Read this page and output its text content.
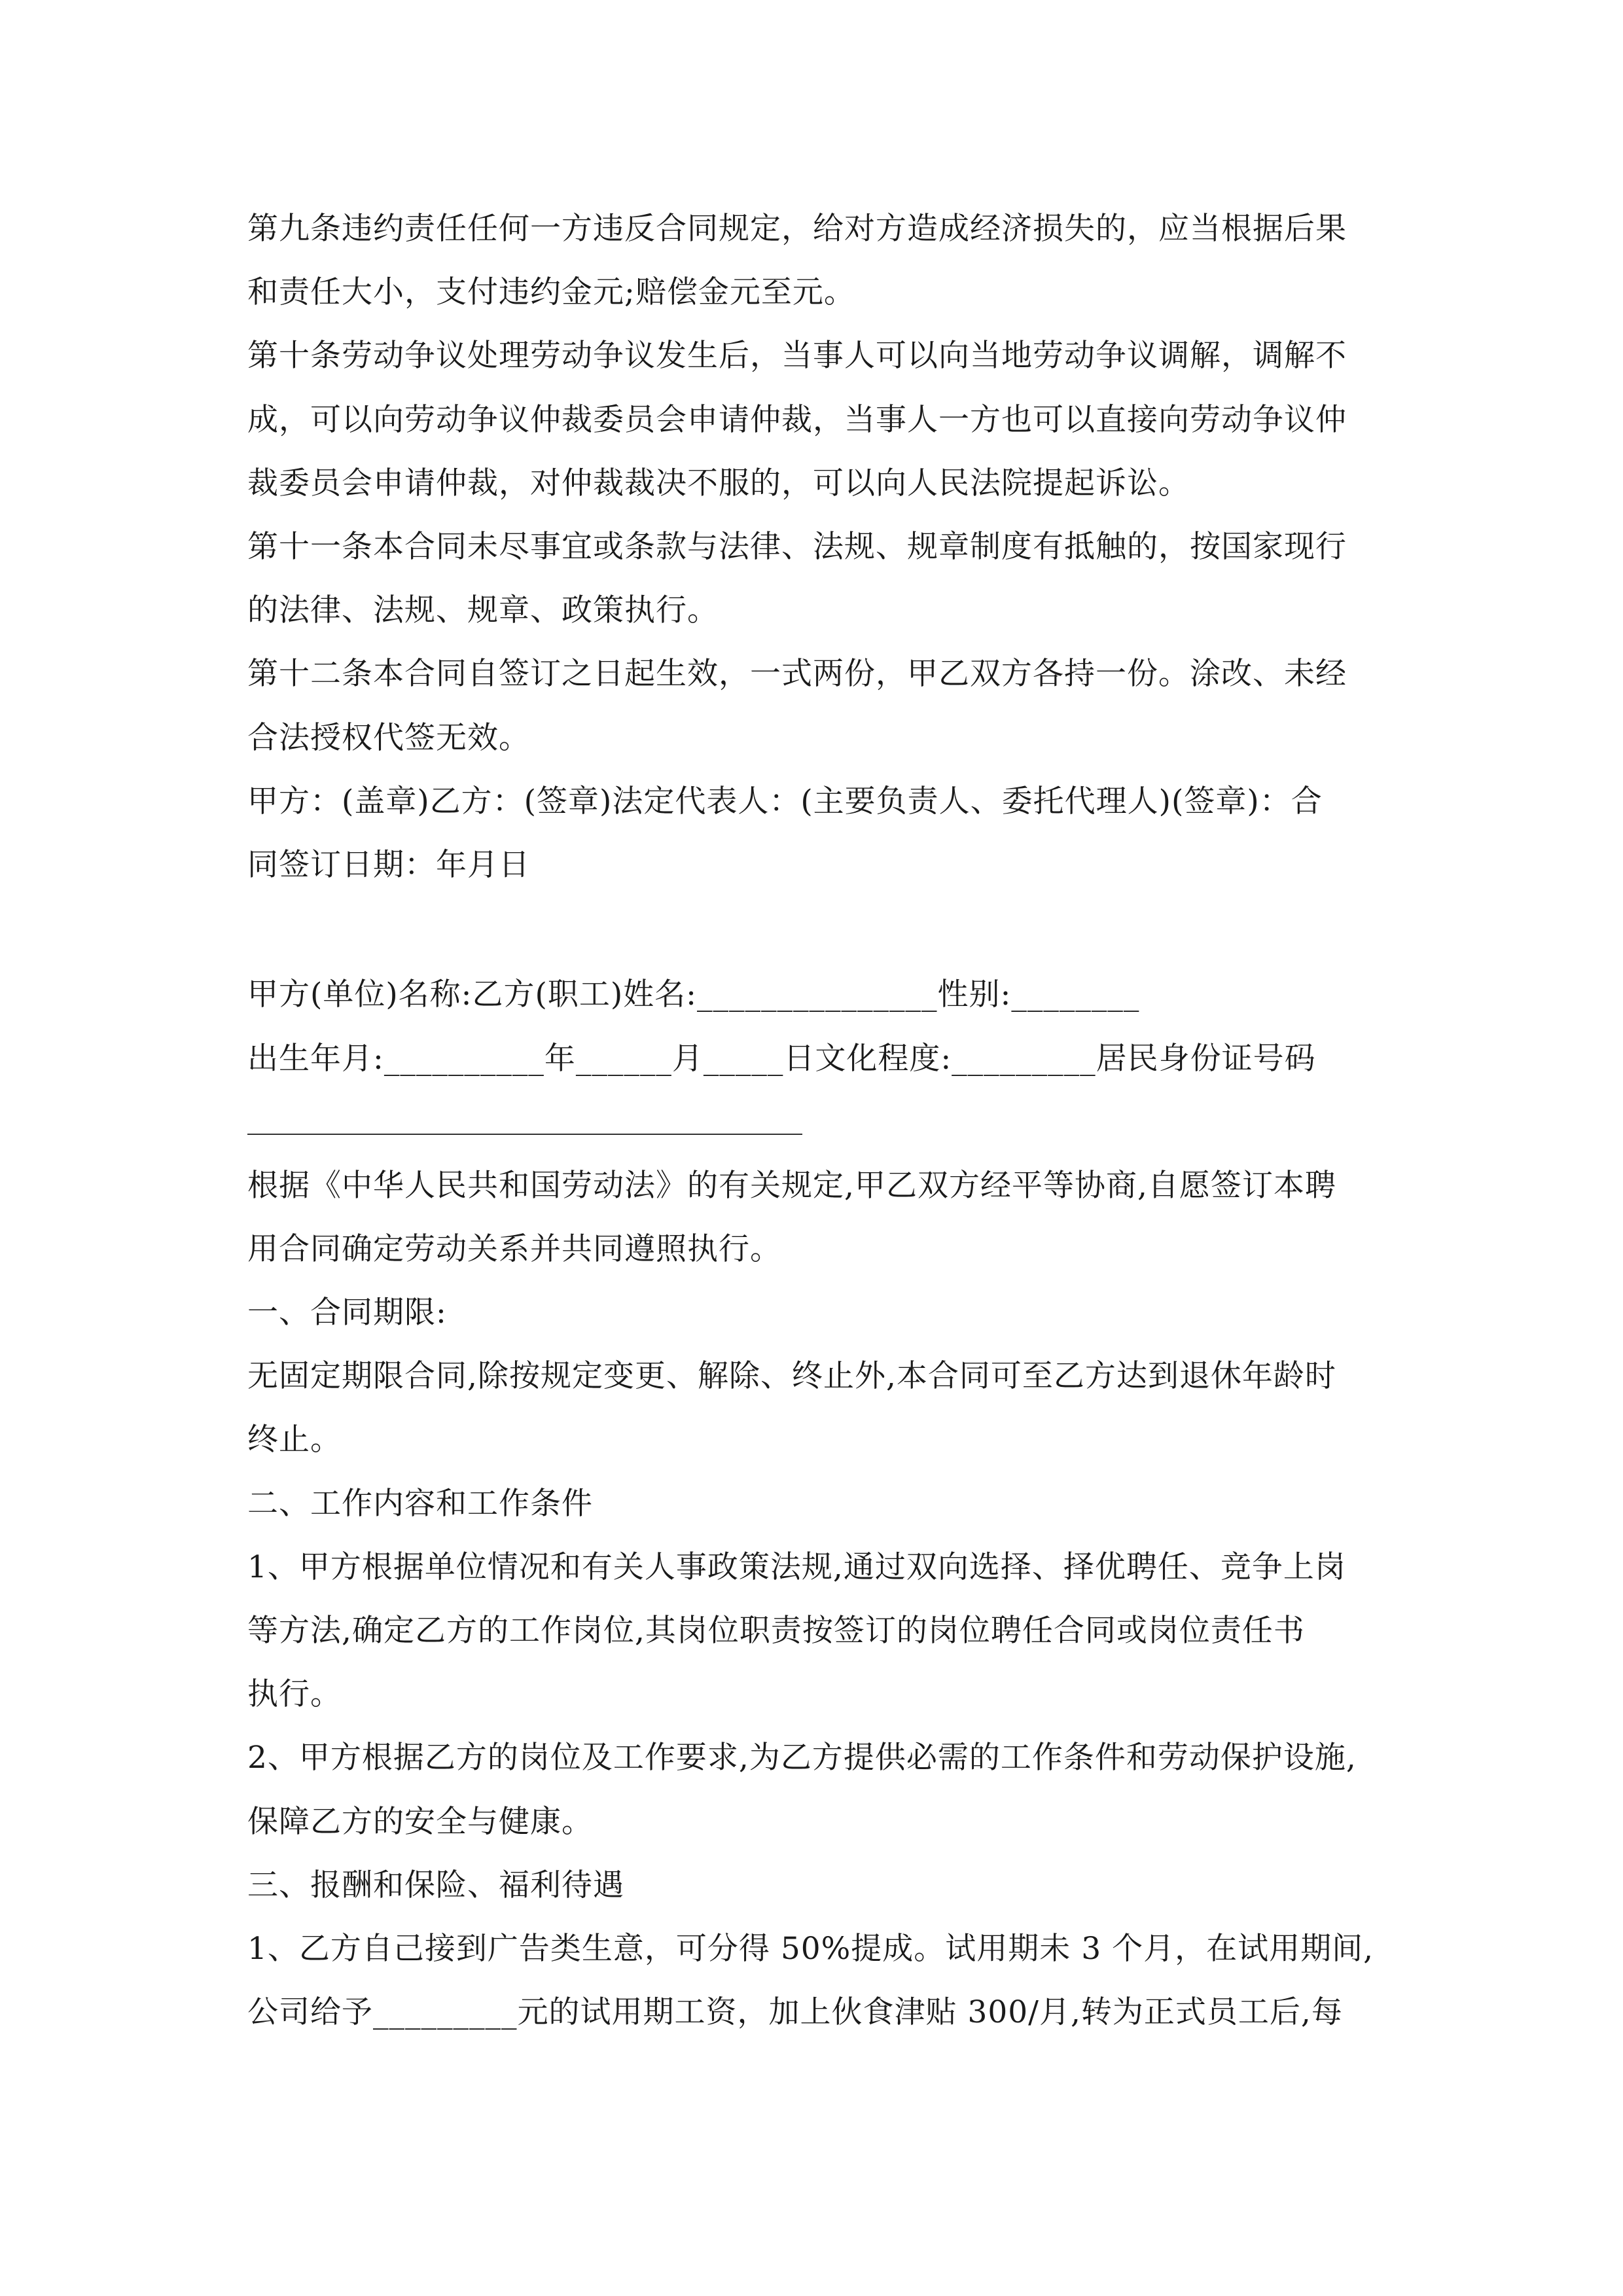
第九条违约责任任何一方违反合同规定，给对方造成经济损失的，应当根据后果
和责任大小，支付违约金元;赔偿金元至元。
第十条劳动争议处理劳动争议发生后，当事人可以向当地劳动争议调解，调解不
成，可以向劳动争议仲裁委员会申请仲裁，当事人一方也可以直接向劳动争议仲
裁委员会申请仲裁，对仲裁裁决不服的，可以向人民法院提起诉讼。
第十一条本合同未尽事宜或条款与法律、法规、规章制度有抵触的，按国家现行
的法律、法规、规章、政策执行。
第十二条本合同自签订之日起生效，一式两份，甲乙双方各持一份。涂改、未经
合法授权代签无效。
甲方：(盖章)乙方：(签章)法定代表人：(主要负责人、委托代理人)(签章)：合
同签订日期：年月日
甲方(单位)名称:乙方(职工)姓名:_______________性别:________
出生年月:__________年______月_____日文化程度:_________居民身份证号码
根据《中华人民共和国劳动法》的有关规定,甲乙双方经平等协商,自愿签订本聘
用合同确定劳动关系并共同遵照执行。
一、合同期限:
无固定期限合同,除按规定变更、解除、终止外,本合同可至乙方达到退休年龄时
终止。
二、工作内容和工作条件
1、甲方根据单位情况和有关人事政策法规,通过双向选择、择优聘任、竞争上岗
等方法,确定乙方的工作岗位,其岗位职责按签订的岗位聘任合同或岗位责任书
执行。
2、甲方根据乙方的岗位及工作要求,为乙方提供必需的工作条件和劳动保护设施,
保障乙方的安全与健康。
三、报酬和保险、福利待遇
1、乙方自己接到广告类生意，可分得 50%提成。试用期未 3 个月，在试用期间,
公司给予_________元的试用期工资，加上伙食津贴 300/月,转为正式员工后,每
